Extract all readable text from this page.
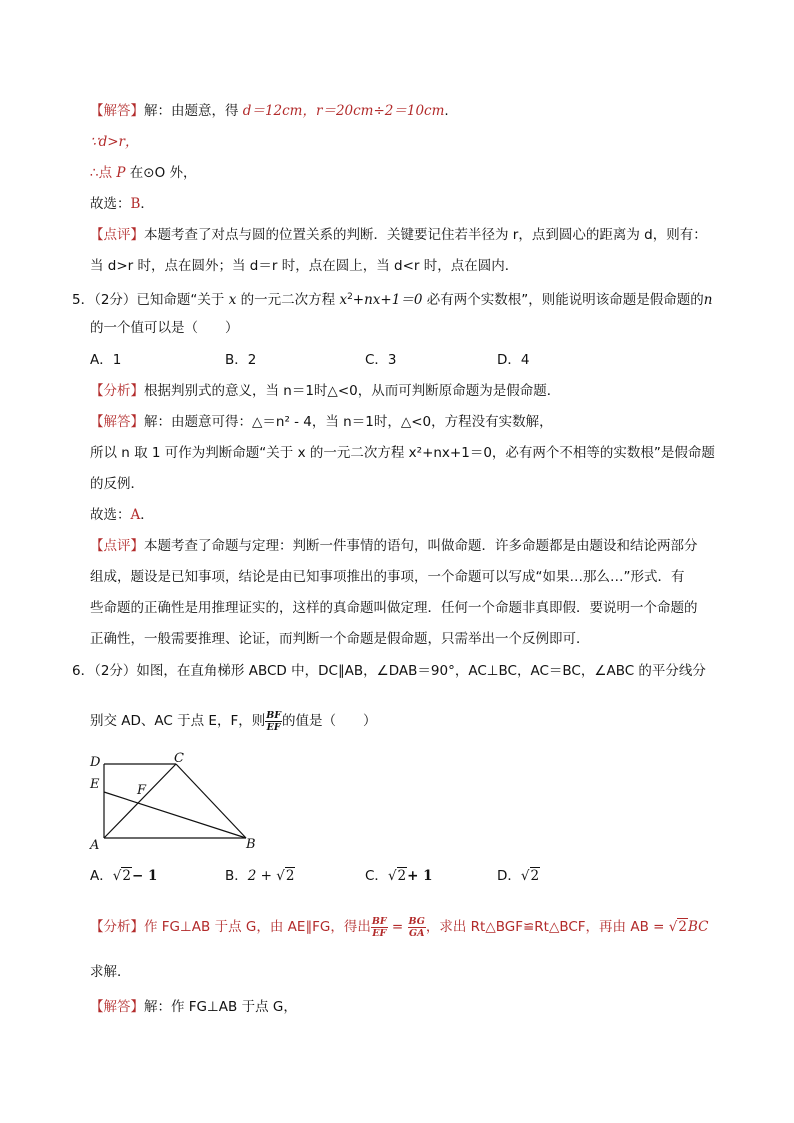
【解答】解：由题意，得 d＝12cm，r＝20cm÷2＝10cm.
∵d>r，
∴点 P 在⊙O 外，
故选：B．
【点评】本题考查了对点与圆的位置关系的判断．关键要记住若半径为 r，点到圆心的距离为 d，则有：
当 d>r 时，点在圆外；当 d＝r 时，点在圆上，当 d<r 时，点在圆内．
5．（2分）已知命题“关于 x 的一元二次方程 $x^2+nx+1=0$ 必有两个实数根”，则能说明该命题是假命题的n
的一个值可以是（　　）
A．1	B．2	C．3	D．4
【分析】根据判别式的意义，当 n＝1时△<0，从而可判断原命题为是假命题．
【解答】解：由题意可得：△＝n² - 4，当 n＝1时，△<0，方程没有实数解，
所以 n 取 1 可作为判断命题“关于 x 的一元二次方程 x²+nx+1＝0，必有两个不相等的实数根”是假命题
的反例．
故选：A．
【点评】本题考查了命题与定理：判断一件事情的语句，叫做命题．许多命题都是由题设和结论两部分
组成，题设是已知事项，结论是由已知事项推出的事项，一个命题可以写成“如果…那么…”形式．有
些命题的正确性是用推理证实的，这样的真命题叫做定理．任何一个命题非真即假．要说明一个命题的
正确性，一般需要推理、论证，而判断一个命题是假命题，只需举出一个反例即可．
6．（2分）如图，在直角梯形 ABCD 中，DC∥AB，∠DAB＝90°，AC⊥BC，AC＝BC，∠ABC 的平分线分
别交 AD、AC 于点 E，F，则 $\frac{BF}{EF}$ 的值是（　　）
D	C
E	F
A	B
A．√2− 1	B．2 + √2	C．√2+ 1	D．√2
【分析】作 FG⊥AB 于点 G，由 AE∥FG，得出 $\frac{BF}{EF} = \frac{BG}{GA}$ ，求出 Rt△BGF≌Rt△BCF，再由 AB = √2BC
求解．
【解答】解：作 FG⊥AB 于点 G，
